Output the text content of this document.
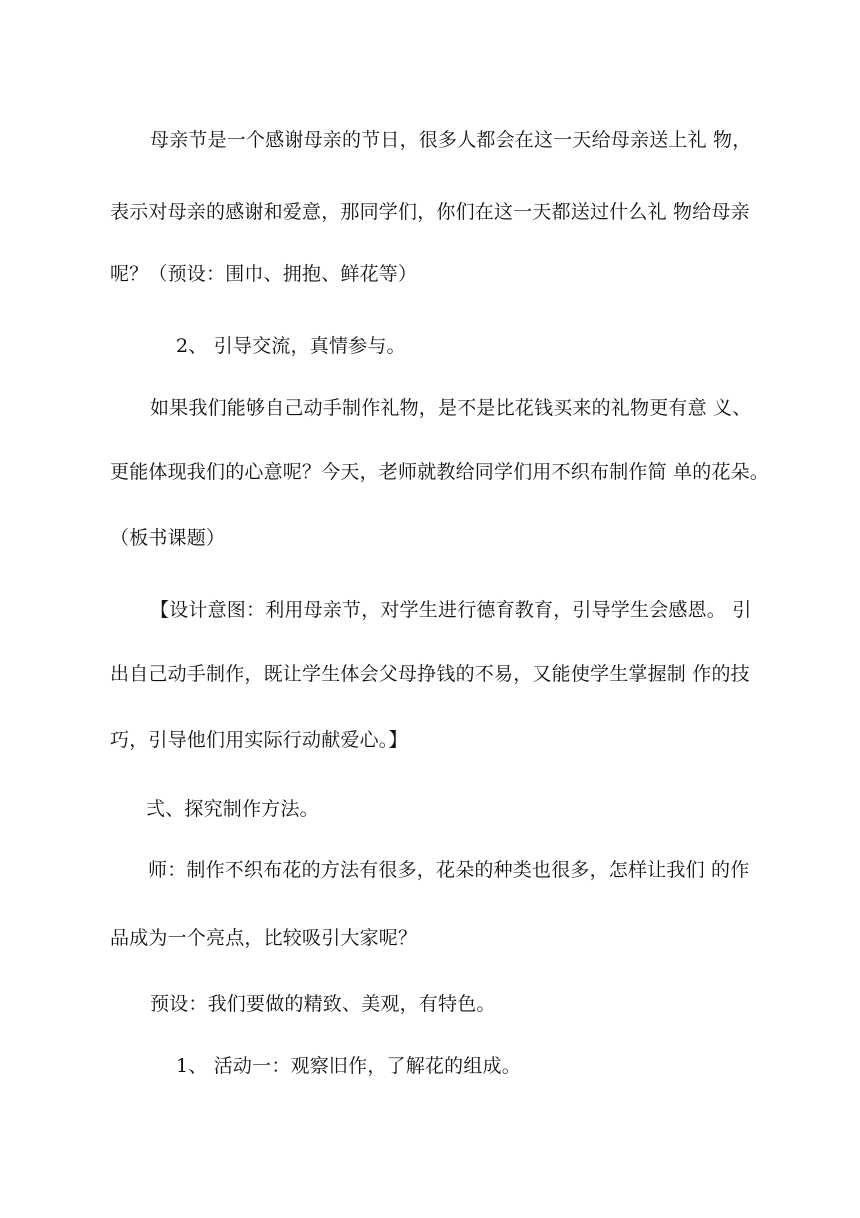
母亲节是一个感谢母亲的节日，很多人都会在这一天给母亲送上礼 物，
表示对母亲的感谢和爱意，那同学们，你们在这一天都送过什么礼 物给母亲
呢？（预设：围巾、拥抱、鲜花等）
2、 引导交流，真情参与。
如果我们能够自己动手制作礼物，是不是比花钱买来的礼物更有意 义、
更能体现我们的心意呢？今天，老师就教给同学们用不织布制作简 单的花朵。
（板书课题）
【设计意图：利用母亲节，对学生进行德育教育，引导学生会感恩。 引
出自己动手制作，既让学生体会父母挣钱的不易，又能使学生掌握制 作的技
巧，引导他们用实际行动献爱心。】
弍、探究制作方法。
师：制作不织布花的方法有很多，花朵的种类也很多，怎样让我们 的作
品成为一个亮点，比较吸引大家呢？
预设：我们要做的精致、美观，有特色。
1、 活动一：观察旧作，了解花的组成。
